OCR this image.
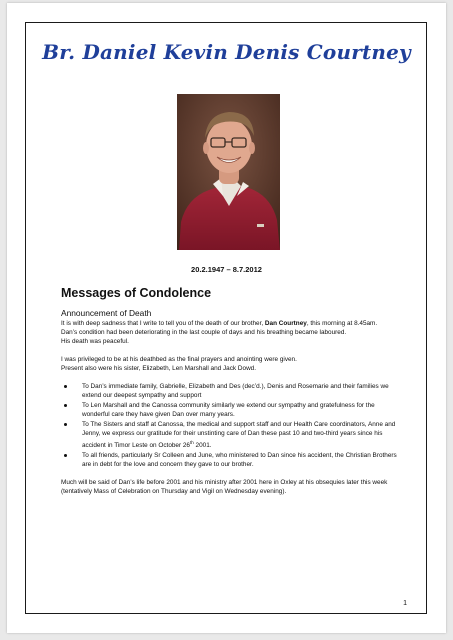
Br. Daniel Kevin Denis Courtney
20.2.1947 – 8.7.2012
Messages of Condolence
Announcement of Death

It is with deep sadness that I write to tell you of the death of our brother, Dan Courtney, this morning at 8.45am.

Dan’s condition had been deteriorating in the last couple of days and his breathing became laboured.

His death was peaceful.

I was privileged to be at his deathbed as the final prayers and anointing were given.

Present also were his sister, Elizabeth, Len Marshall and Jack Dowd.

To Dan’s immediate family, Gabrielle, Elizabeth and Des (dec’d.), Denis and Rosemarie and their families we extend our deepest sympathy and support
To Len Marshall and the Canossa community similarly we extend our sympathy and gratefulness for the wonderful care they have given Dan over many years.
To The Sisters and staff at Canossa, the medical and support staff and our Health Care coordinators, Anne and Jenny, we express our gratitude for their unstinting care of Dan these past 10 and two-third years since his accident in Timor Leste on October 26th 2001.
To all friends, particularly Sr Colleen and June, who ministered to Dan since his accident, the Christian Brothers are in debt for the love and concern they gave to our brother.

Much will be said of Dan’s life before 2001 and his ministry after 2001 here in Oxley at his obsequies later this week (tentatively Mass of Celebration on Thursday and Vigil on Wednesday evening).

1
